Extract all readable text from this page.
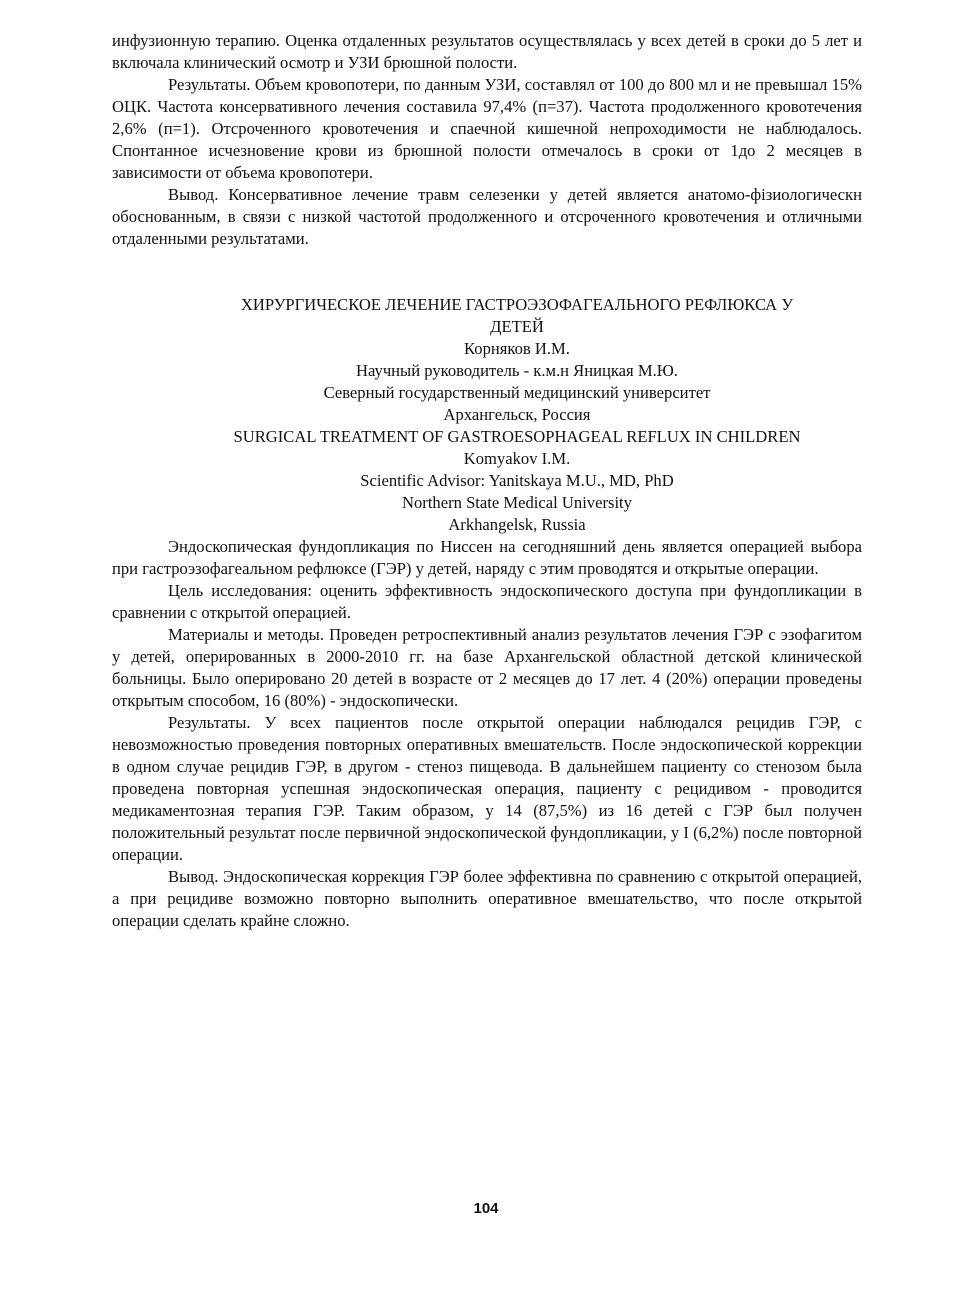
инфузионную терапию. Оценка отдаленных результатов осуществлялась у всех детей в сроки до 5 лет и включала клинический осмотр и УЗИ брюшной полости.

Результаты. Объем кровопотери, по данным УЗИ, составлял от 100 до 800 мл и не превышал 15% ОЦК. Частота консервативного лечения составила 97,4% (п=37). Частота продолженного кровотечения 2,6% (п=1). Отсроченного кровотечения и спаечной кишечной непроходимости не наблюдалось. Спонтанное исчезновение крови из брюшной полости отмечалось в сроки от 1до 2 месяцев в зависимости от объема кровопотери.

Вывод. Консервативное лечение травм селезенки у детей является анатомо-фізиологическн обоснованным, в связи с низкой частотой продолженного и отсроченного кровотечения и отличными отдаленными результатами.

ХИРУРГИЧЕСКОЕ ЛЕЧЕНИЕ ГАСТРОЭЗОФАГЕАЛЬНОГО РЕФЛЮКСА У
ДЕТЕЙ
Корняков И.М.
Научный руководитель - к.м.н Яницкая М.Ю.
Северный государственный медицинский университет
Архангельск, Россия
SURGICAL TREATMENT OF GASTROESOPHAGEAL REFLUX IN CHILDREN
Komyakov I.M.
Scientific Advisor: Yanitskaya M.U., MD, PhD
Northern State Medical University
Arkhangelsk, Russia

Эндоскопическая фундопликация по Ниссен на сегодняшний день является операцией выбора при гастроэзофагеальном рефлюксе (ГЭР) у детей, наряду с этим проводятся и открытые операции.

Цель исследования: оценить эффективность эндоскопического доступа при фундопликации в сравнении с открытой операцией.

Материалы и методы. Проведен ретроспективный анализ результатов лечения ГЭР с эзофагитом у детей, оперированных в 2000-2010 гг. на базе Архангельской областной детской клинической больницы. Было оперировано 20 детей в возрасте от 2 месяцев до 17 лет. 4 (20%) операции проведены открытым способом, 16 (80%) - эндоскопически.

Результаты. У всех пациентов после открытой операции наблюдался рецидив ГЭР, с невозможностью проведения повторных оперативных вмешательств. После эндоскопической коррекции в одном случае рецидив ГЭР, в другом - стеноз пищевода. В дальнейшем пациенту со стенозом была проведена повторная успешная эндоскопическая операция, пациенту с рецидивом - проводится медикаментозная терапия ГЭР. Таким образом, у 14 (87,5%) из 16 детей с ГЭР был получен положительный результат после первичной эндоскопической фундопликации, у I (6,2%) после повторной операции.

Вывод. Эндоскопическая коррекция ГЭР более эффективна по сравнению с открытой операцией, а при рецидиве возможно повторно выполнить оперативное вмешательство, что после открытой операции сделать крайне сложно.

104
